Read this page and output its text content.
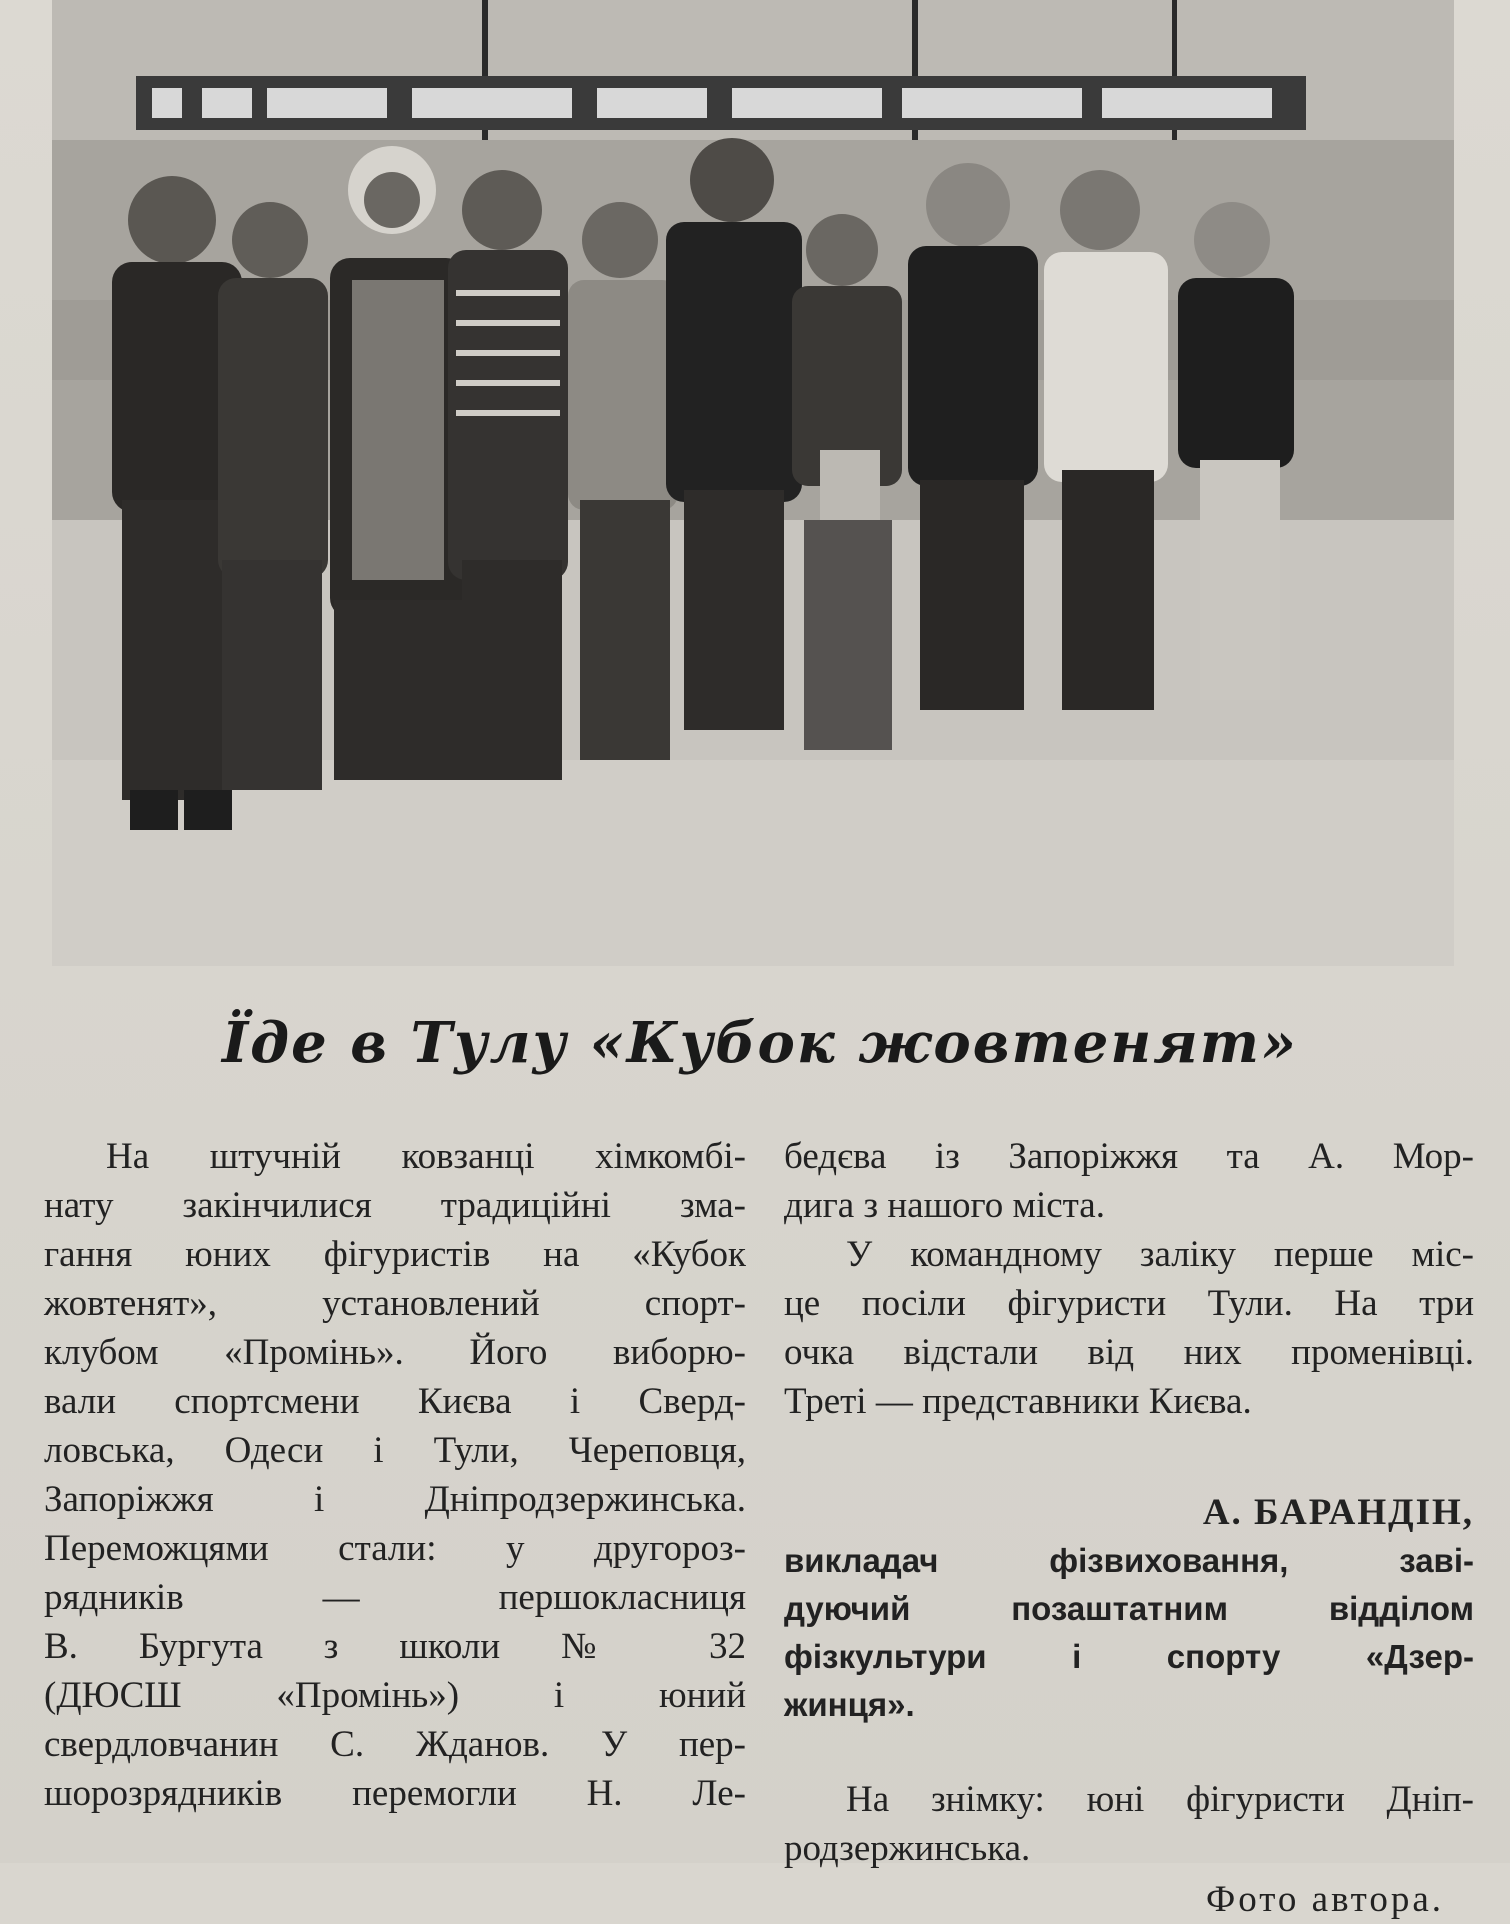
Їде в Тулу «Кубок жовтенят»

На штучній ковзанці хімкомбі-

нату закінчилися традиційні зма-

гання юних фігуристів на «Кубок

жовтенят», установлений спорт-

клубом «Промінь». Його виборю-

вали спортсмени Києва і Сверд-

ловська, Одеси і Тули, Череповця,

Запоріжжя і Дніпродзержинська.

Переможцями стали: у другороз-

рядників — першокласниця

В. Бургута з школи № 32

(ДЮСШ «Промінь») і юний

свердловчанин С. Жданов. У пер-

шорозрядників перемогли Н. Ле-

бедєва із Запоріжжя та А. Мор-

дига з нашого міста.

У командному заліку перше міс-

це посіли фігуристи Тули. На три

очка відстали від них променівці.

Треті — представники Києва.

А. БАРАНДІН,

викладач фізвиховання, заві-

дуючий позаштатним відділом

фізкультури і спорту «Дзер-

жинця».

На знімку: юні фігуристи Дніп-

родзержинська.

Фото автора.
